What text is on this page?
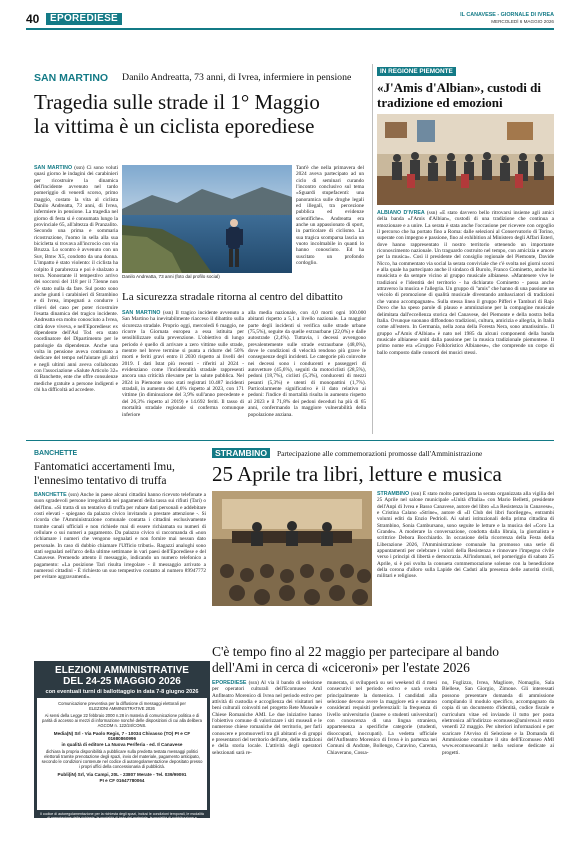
40	EPOREDIESE	IL CANAVESE - GIORNALE DI IVREA
MERCOLEDÌ 6 MAGGIO 2026
SAN MARTINO Danilo Andreatta, 73 anni, di Ivrea, infermiere in pensione
Tragedia sulle strade il 1° Maggio
la vittima è un ciclista eporediese
SAN MARTINO (ssn) Ci sono voluti quasi giorno le indagini dei carabinieri per ricostruire la dinamica dell'incidente avvenuto nel tardo pomeriggio di venerdì scorso, primo maggio, costato la vita al ciclista Danilo Andreatta, 73 anni, di Ivrea, infermiere in pensione. La tragedia nel giorno di festa si è consumata lungo la provinciale 65, all'altezza di Pranzalito. Secondo una prima e sommaria ricostruzione, l'uomo in sella alla sua bicicletta si trovava all'incrocio con via Bruzza. Lo scontro è avvenuto con un Suv, Bmw X5, condotto da una donna. L'impatto è stato violento: il ciclista ha colpito il parabrezza e poi è sbalzato a terra. Nonostante il tempestivo arrivo dei soccorsi del 118 per il 73enne non c'è stato nulla da fare. Sul posto sono anche giunti i carabinieri di Strambino e di Ivrea, impegnati a condurre i rilievi del caso per poter ricostruire l'esatta dinamica del tragico incidente. Andreatta era molto conosciuto a Ivrea, città dove viveva, e nell'Eporediese: ex dipendente dell'Asl To4 era stato coordinatore del Dipartimento per le patologie da dipendenze. Anche una volta in pensione aveva continuato a dedicare del tempo nell'aiutare gli altri e negli ultimi anni aveva collaborato con l'associazione «Salute Articolo 32» di Banchette, ente che offre consulenze mediche gratuite a persone indigenti e chi ha difficoltà ad accedere.
Danilo Andreatta, 73 anni (foto dal profilo social)
Tant'è che nella primavera del 2024 aveva partecipato ad un ciclo di seminari curando l'incontro conclusivo sul tema «Sguardi stupefacenti: una panoramica sulle droghe legali ed illegali, tra percezione pubblica ed evidenze scientifiche». Andreatta era anche un appassionato di sport, in particolare di ciclismo. La sua tragica scomparsa lascia un vuoto incolmabile in quanti lo hanno conosciuto. Ed ha suscitato un profondo cordoglio.
La sicurezza stradale ritorna al centro del dibattito
SAN MARTINO (ssn) Il tragico incidente avvenuto a San Martino ha inevitabilmente riacceso il dibattito sulla sicurezza stradale. Proprio oggi, mercoledì 6 maggio, ne ricorre la Giornata europea a essa istituita per sensibilizzare sulla prevenzione. L'obiettivo di lungo periodo è quello di arrivare a zero vittime sulle strade, mentre nel breve termine si punta a ridurre del 50% morti e feriti gravi entro il 2030 rispetto ai livelli del 2019. I dati Istat più recenti - riferiti al 2024 - evidenziano come l'incidentalità stradale rappresenti ancora una criticità rilevante per la salute pubblica. Nel 2024 in Piemonte sono stati registrati 10.487 incidenti stradali, in aumento del 4,6% rispetto al 2023, con 171 vittime (in diminuzione del 3,9% sull'anno precedente e del 26,3% rispetto al 2019) e 14.692 feriti. Il tasso di mortalità stradale regionale si conferma comunque inferiore
alla media nazionale, con 4,0 morti ogni 100.000 abitanti rispetto a 5,1 a livello nazionale. La maggior parte degli incidenti si verifica sulle strade urbane (75,5%), seguite da quelle extraurbane (22,0%) e dalle autostrade (2,4%). Tuttavia, i decessi avvengono prevalentemente sulle strade extraurbane (48,0%), dove le condizioni di velocità rendono più grave le conseguenze degli incidenti. Le categorie più coinvolte nei decessi sono i conducenti e passeggeri di autovetture (45,6%), seguiti da motociclisti (28,5%), pedoni (18,7%), ciclisti (5,3%), conducenti di mezzi pesanti (5,3%) e utenti di monopattini (1,7%). Particolarmente significativo è il dato relativo ai pedoni: l'indice di mortalità risulta in aumento rispetto al 2023 e il 71,8% dei pedoni deceduti ha più di 65 anni, confermando la maggiore vulnerabilità della popolazione anziana.
IN REGIONE PIEMONTE
«J'Amis d'Albian», custodi di tradizione ed emozioni
ALBIANO D'IVREA (ssn) «È stato davvero bello ritrovarsi insieme agli amici della banda «J'Amis d'Albian», custodi di una tradizione che continua a emozionare e a unire. La serata è stata anche l'occasione per ricevere con orgoglio il percorso che ha portato fino a Roma: dalle selezioni al Conservatorio di Torino, superate con impegno e passione, fino al exhibition al Ministero degli Affari Esteri, dove hanno rappresentato il nostro territorio ottenendo un importante riconoscimento nazionale. Un traguardo costruito nel tempo, con amicizia e amore per la musica». Così il presidente del consiglio regionale del Piemonte, Davide Nicco, ha commentato via social la serata conviviale che c'è svolta nei giorni scorsi e alla quale ha partecipato anche il sindaco di Burolo, Franco Cominetto, anche lui musicista e da sempre vicino al gruppo musicale albianese. «Mantenere vive le tradizioni e l'identità del territorio - ha dichiarato Cominetto - passa anche attraverso la musica e l'allegria. Un gruppo di "amis" che hanno di una passione un veicolo di promozione di qualità musicale diventando ambasciatori di tradizioni che vanno accompagnate». Sulla stessa linea il gruppo Pifferi e Tamburi di Rajo Dovo che ha speso parole di plauso e ammirazione per la compagine musicale delimitata dall'eccellenza storica del Canavese, del Piemonte e della nostra bella Italia. Ovunque suonano diffondono tradizioni, cultura, amicizia e allegria, in Italia come all'estero. In Germania, nella zona della Foresta Nera, sono amatissimi». Il gruppo «J'Amis d'Albian» è nato nel 1985 da alcuni componenti della banda musicale albianese uniti dalla passione per la musica tradizionale piemontese. Il primo nome era «Gruppo Folkloristico Albianese», che comprende un corpo di ballo composto dalle consorti dei musici stessi.
BANCHETTE
Fantomatici accertamenti Imu,
l'ennesimo tentativo di truffa
BANCHETTE (ssn) Anche in paese alcuni cittadini hanno ricevuto telefonate a suon sgradevoli persone irregolarità nei pagamenti della tassa sui rifiuti (Tari) o dell'Imu. «Si tratta di un tentativo di truffa per rubare dati personali e addebitare costi elevati - spiegano da palazzo civico invitando a prestare attenzione -. Si ricorda che l'Amministrazione comunale contatta i cittadini esclusivamente tramite canali ufficiali e non richiede mai di essere richiamata su numeri di cellulare o sui numeri a pagamento. Da palazzo civico si raccomanda di «non richiamare i numeri che vengono segnalati e non fornire mai nessun dato personale. In caso di dubbio chiamare l'Ufficio tributi». Ragazzi analoghi sono stati segnalati nell'arco della ultime settimane in vari paesi dell'Eporediese e del Canavese. Premendo attento il messaggio, indicando un numero telefonico a pagamento: «La posizione Tari risulta irregolare - il messaggio arrivato a numerosi cittadini - È richiesto un suo tempestivo contatto al numero 89947772 per evitare aggravamenti».
STRAMBINO	Partecipazione alle commemorazioni promosse dall'Amministrazione
25 Aprile tra libri, letture e musica
STRAMBINO (ssn) È stato molto partecipata la serata organizzata alla vigilia del 25 Aprile nel salone municipale «Unità d'Italia» con Mario Belletti, presidente dell'Anpi di Ivrea e Basso Canavese, autore del libro «La Resistenza in Canavese», e Cristina Calano «Strine», autore di «Il Club dei libri fuorilegge», entrambi volumi editi da Enzio Pedrioli. Ai saluti istituzionali della prima cittadina di Strambino, Sonia Cambursano, sono seguite le letture e la musica del «Coro La Grande». A moderare la conversazione, condotta dalla libraia, la giornalista e scrittrice Debora Bocchiardo. In occasione della ricorrenza della Festa della Liberazione 2026, l'Amministrazione comunale ha promosso una serie di appuntamenti per celebrare i valori della Resistenza e rinnovare l'impegno civile verso i principi di libertà e democrazia. All'indomani, nel pomeriggio di sabato 25 Aprile, si è poi svolta la consueta commemorazione solenne con la benedizione della corona d'alloro sulla Lapide dei Caduti alla presenza delle autorità civili, militari e religiose.
ELEZIONI AMMINISTRATIVE
DEL 24-25 MAGGIO 2026
con eventuali turni di ballottaggio in data 7-8 giugno 2026
Comunicazione preventiva per la diffusione di messaggi elettorali per
ELEZIONI AMMINISTRATIVE 2026
Ai sensi della Legge 22 febbraio 2000 n.28 in materia di comunicazione politica e di parità di accesso ai mezzi di informazione nonché delle disposizioni di cui alla delibera AGCOM n. 122/24/CONS.
Media(N) Srl - Via Paolo Regis, 7 - 10034 Chivasso (TO) PI e CF 01680860996
in qualità di editore La Nuova Periferia - ed. Il Canavese
dichiara la propria disponibilità a pubblicare sulla predetta testata messaggi politici elettorali tramite prenotazione degli spazi, invio del materiale, pagamento anticipato, secondo le condizioni contenute nel codice di autoregolamentazione depositato presso i propri uffici della concessionaria di pubblicità.
Publi(iN) Srl, Via Campi, 20L - 23807 Merate - Tel. 039/99091
PI e CF 01647780064
Il codice di autoregolamentazione per la richiesta degli spazi, inclusi le condizioni temporali, le modalità di prenotazione delle richieste, le modalità di invio del materiale, le modalità di pubblicazione e tassazione e alla disponibilità degli spazi, le condizioni tariffarie.
C'è tempo fino al 22 maggio per partecipare al bando
dell'Ami in cerca di «ciceroni» per l'estate 2026
EPOREDIESE (ssn) Al via il bando di selezione per operatori culturali dell'Ecomuseo AmI Anfiteatro Morenico di Ivrea nel periodo estivo per attività di custodia e accoglienza dei visitatori nei beni culturali coinvolti nel progetto Rete Museale e Chiese Romaniche AMI. Le due iniziative hanno l'obiettivo comune di valorizzare i siti museali e le numerose chiese romaniche del territorio, per farli conoscere e promuoverli tra gli abitanti e di gruppi e presentatori del territorio dell'arte, delle tradizioni e della storia locale. L'attività degli operatori selezionati sarà re-
munerata, si svilupperà su sei weekend di 4 mesi consecutivi nel periodo estivo e sarà svolta principalmente la domenica. I candidati alla selezione devono avere la maggiore età e saranno considerati requisiti preferenziali: la frequenza di livello universitario (lauree o studenti universitari) con conoscenza di una lingua straniera, appartenenza a specifiche categorie (studenti, disoccupati, inoccupati). La vedetta ufficiale dell'Anfiteatro Morenico di Ivrea è in partenza nei Comuni di Andrate, Bollengo, Caravino, Carema, Chiaverano, Cossa-
no, Foglizzo, Ivrea, Magliore, Nomaglio, Sala Biellese, San Giorgio, Zimone. Gli interessati possono presentare domanda di ammissione compilando il modulo specifico, accompagnato da copia di un documento d'identità, codice fiscale e curriculum vitae ed inviando il tutto per posta elettronica all'indirizzo ecomuseo@amivrea.it entro venerdì 22 maggio. Per ulteriori informazioni e per scaricare l'Avviso di Selezione e la Domanda di Ammissione consultare il sito dell'Ecomuseo AMI www.ecomuseoami.it nella sezione dedicate ai progetti.
